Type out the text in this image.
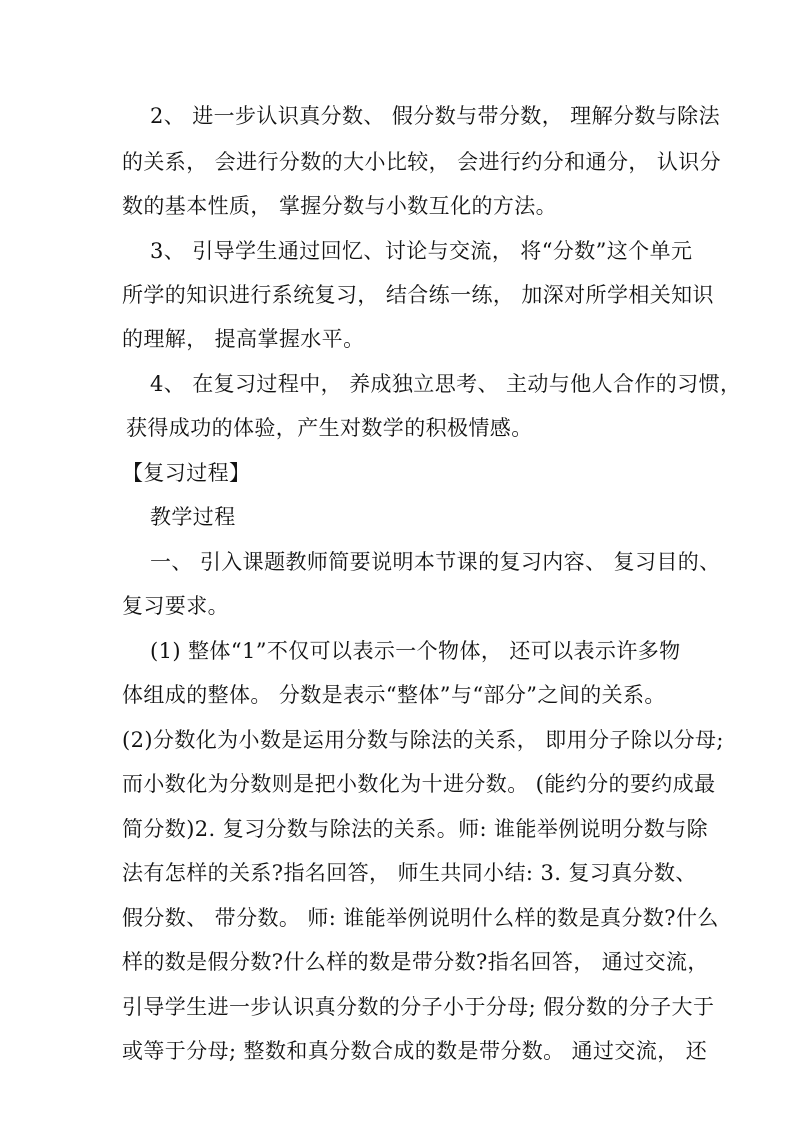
2、 进一步认识真分数、 假分数与带分数， 理解分数与除法
的关系， 会进行分数的大小比较， 会进行约分和通分， 认识分
数的基本性质， 掌握分数与小数互化的方法。
3、 引导学生通过回忆、讨论与交流， 将“分数”这个单元
所学的知识进行系统复习， 结合练一练， 加深对所学相关知识
的理解， 提高掌握水平。
4、 在复习过程中， 养成独立思考、 主动与他人合作的习惯，
获得成功的体验，产生对数学的积极情感。
【复习过程】
教学过程
一、 引入课题教师简要说明本节课的复习内容、 复习目的、
复习要求。
(1) 整体“1”不仅可以表示一个物体， 还可以表示许多物
体组成的整体。 分数是表示“整体”与“部分”之间的关系。
(2)分数化为小数是运用分数与除法的关系， 即用分子除以分母;
而小数化为分数则是把小数化为十进分数。 (能约分的要约成最
简分数)2. 复习分数与除法的关系。师: 谁能举例说明分数与除
法有怎样的关系?指名回答， 师生共同小结: 3. 复习真分数、
假分数、 带分数。 师: 谁能举例说明什么样的数是真分数?什么
样的数是假分数?什么样的数是带分数?指名回答， 通过交流，
引导学生进一步认识真分数的分子小于分母; 假分数的分子大于
或等于分母; 整数和真分数合成的数是带分数。 通过交流， 还
